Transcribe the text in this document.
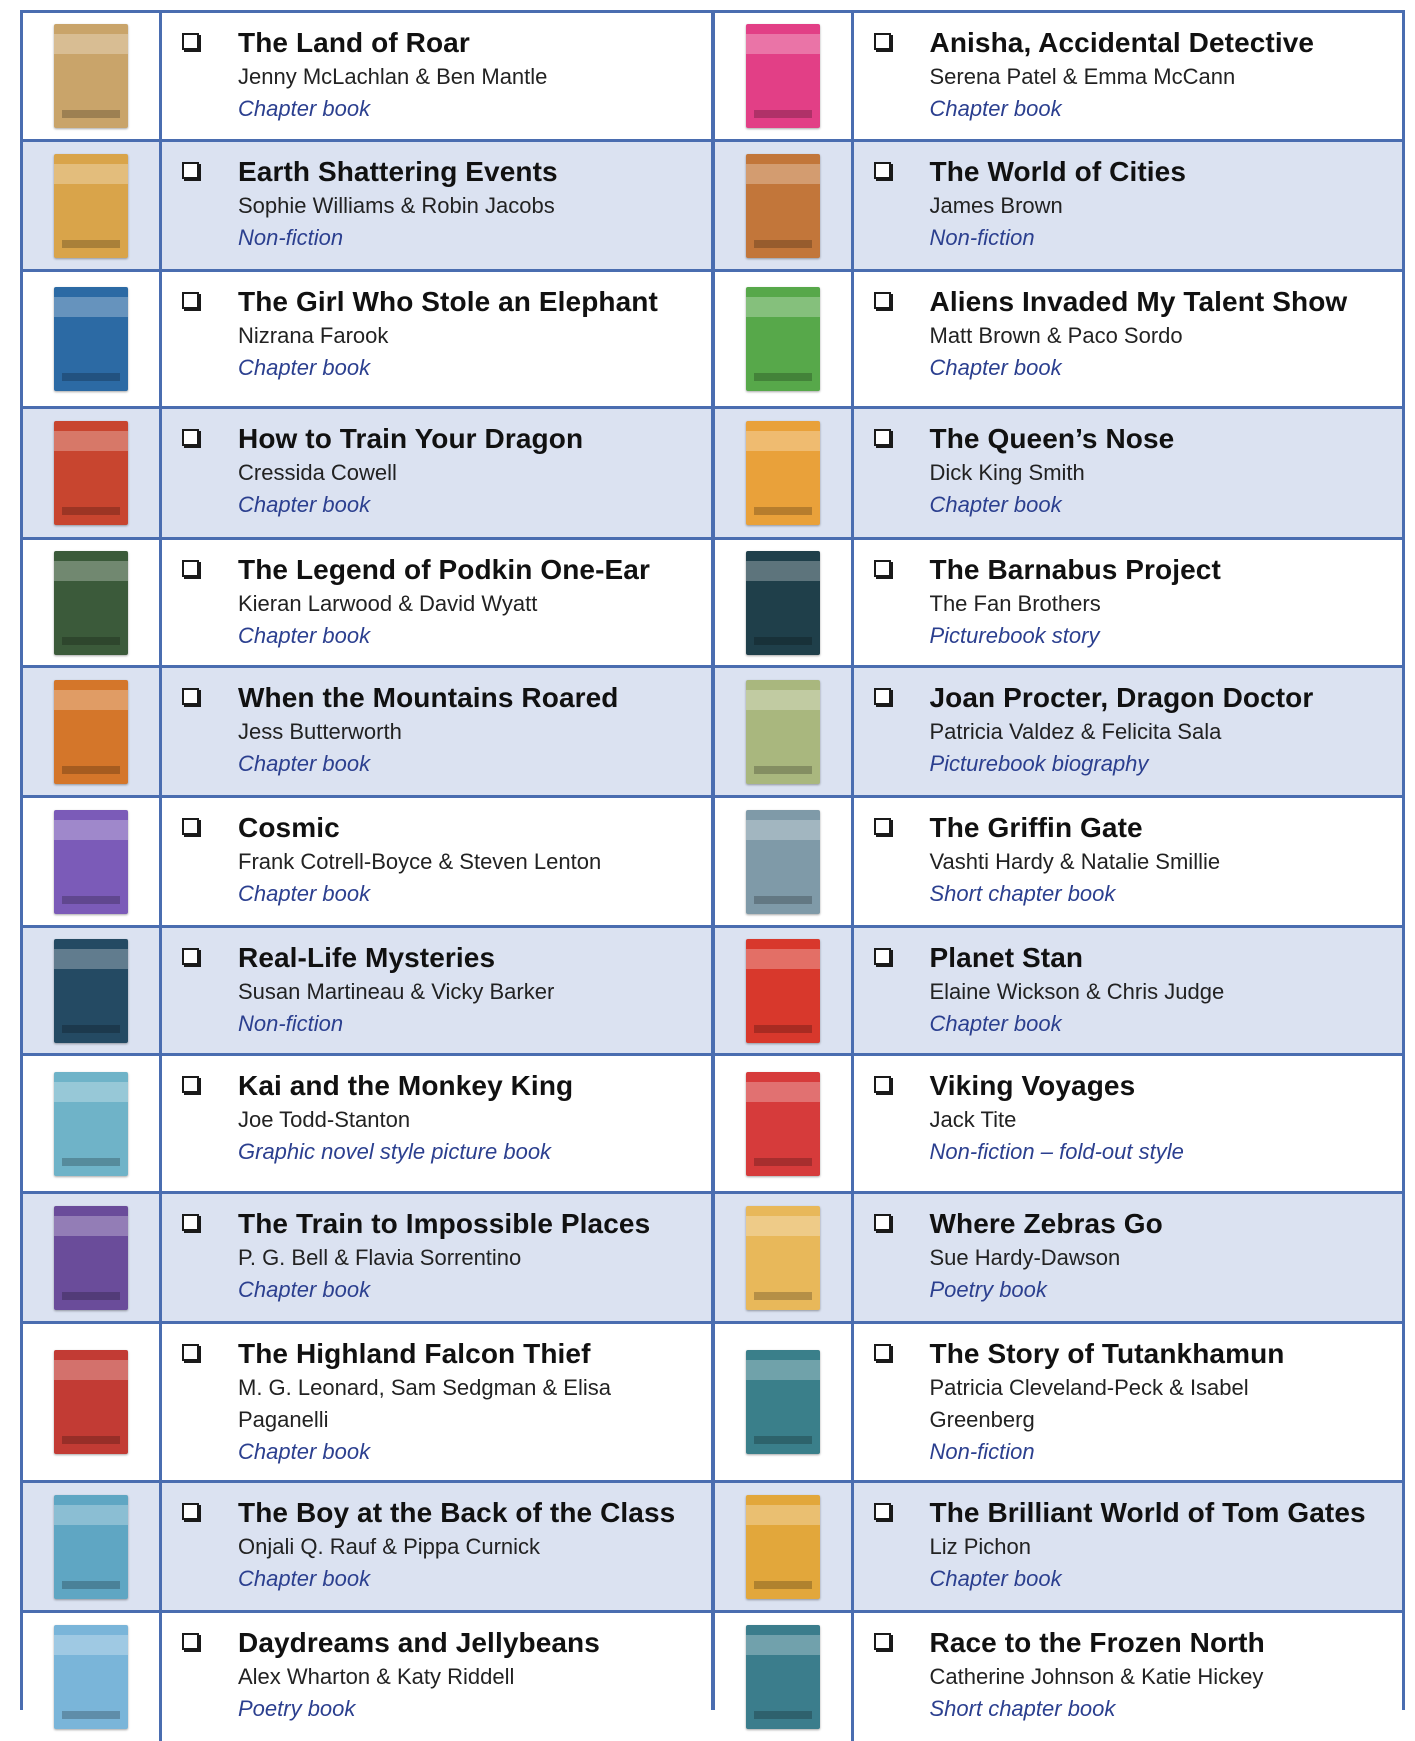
The Land of Roar
Jenny McLachlan & Ben Mantle
Chapter book
Anisha, Accidental Detective
Serena Patel & Emma McCann
Chapter book
Earth Shattering Events
Sophie Williams & Robin Jacobs
Non-fiction
The World of Cities
James Brown
Non-fiction
The Girl Who Stole an Elephant
Nizrana Farook
Chapter book
Aliens Invaded My Talent Show
Matt Brown & Paco Sordo
Chapter book
How to Train Your Dragon
Cressida Cowell
Chapter book
The Queen’s Nose
Dick King Smith
Chapter book
The Legend of Podkin One-Ear
Kieran Larwood & David Wyatt
Chapter book
The Barnabus Project
The Fan Brothers
Picturebook story
When the Mountains Roared
Jess Butterworth
Chapter book
Joan Procter, Dragon Doctor
Patricia Valdez & Felicita Sala
Picturebook biography
Cosmic
Frank Cotrell-Boyce & Steven Lenton
Chapter book
The Griffin Gate
Vashti Hardy & Natalie Smillie
Short chapter book
Real-Life Mysteries
Susan Martineau & Vicky Barker
Non-fiction
Planet Stan
Elaine Wickson & Chris Judge
Chapter book
Kai and the Monkey King
Joe Todd-Stanton
Graphic novel style picture book
Viking Voyages
Jack Tite
Non-fiction – fold-out style
The Train to Impossible Places
P. G. Bell & Flavia Sorrentino
Chapter book
Where Zebras Go
Sue Hardy-Dawson
Poetry book
The Highland Falcon Thief
M. G. Leonard, Sam Sedgman & Elisa Paganelli
Chapter book
The Story of Tutankhamun
Patricia Cleveland-Peck & Isabel Greenberg
Non-fiction
The Boy at the Back of the Class
Onjali Q. Rauf & Pippa Curnick
Chapter book
The Brilliant World of Tom Gates
Liz Pichon
Chapter book
Daydreams and Jellybeans
Alex Wharton & Katy Riddell
Poetry book
Race to the Frozen North
Catherine Johnson & Katie Hickey
Short chapter book
